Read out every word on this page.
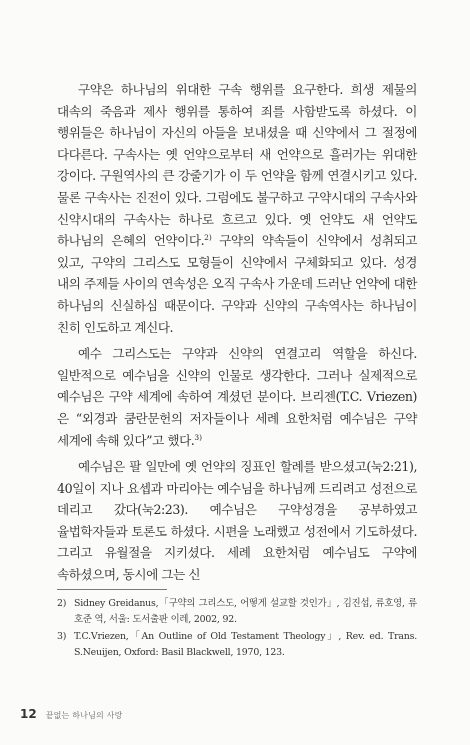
구약은 하나님의 위대한 구속 행위를 요구한다. 희생 제물의 대속의 죽음과 제사 행위를 통하여 죄를 사함받도록 하셨다. 이 행위들은 하나님이 자신의 아들을 보내셨을 때 신약에서 그 절정에 다다른다. 구속사는 옛 언약으로부터 새 언약으로 흘러가는 위대한 강이다. 구원역사의 큰 강줄기가 이 두 언약을 함께 연결시키고 있다. 물론 구속사는 진전이 있다. 그럼에도 불구하고 구약시대의 구속사와 신약시대의 구속사는 하나로 흐르고 있다. 옛 언약도 새 언약도 하나님의 은혜의 언약이다.$^{2)}$ 구약의 약속들이 신약에서 성취되고 있고, 구약의 그리스도 모형들이 신약에서 구체화되고 있다. 성경 내의 주제들 사이의 연속성은 오직 구속사 가운데 드러난 언약에 대한 하나님의 신실하심 때문이다. 구약과 신약의 구속역사는 하나님이 친히 인도하고 계신다.

예수 그리스도는 구약과 신약의 연결고리 역할을 하신다. 일반적으로 예수님을 신약의 인물로 생각한다. 그러나 실제적으로 예수님은 구약 세계에 속하여 계셨던 분이다. 브리젠(T.C. Vriezen)은 “외경과 쿰란문헌의 저자들이나 세례 요한처럼 예수님은 구약 세계에 속해 있다”고 했다.$^{3)}$

예수님은 팔 일만에 옛 언약의 징표인 할례를 받으셨고(눅2:21), 40일이 지나 요셉과 마리아는 예수님을 하나님께 드리려고 성전으로 데리고 갔다(눅2:23). 예수님은 구약성경을 공부하였고 율법학자들과 토론도 하셨다. 시편을 노래했고 성전에서 기도하셨다. 그리고 유월절을 지키셨다. 세례 요한처럼 예수님도 구약에 속하셨으며, 동시에 그는 신

2) Sidney Greidanus,「구약의 그리스도, 어떻게 설교할 것인가」, 김진섭, 류호영, 류호준 역, 서울: 도서출판 이레, 2002, 92.
3) T.C.Vriezen,「An Outline of Old Testament Theology」, Rev. ed. Trans. S.Neuijen, Oxford: Basil Blackwell, 1970, 123.
12 끝없는 하나님의 사랑
